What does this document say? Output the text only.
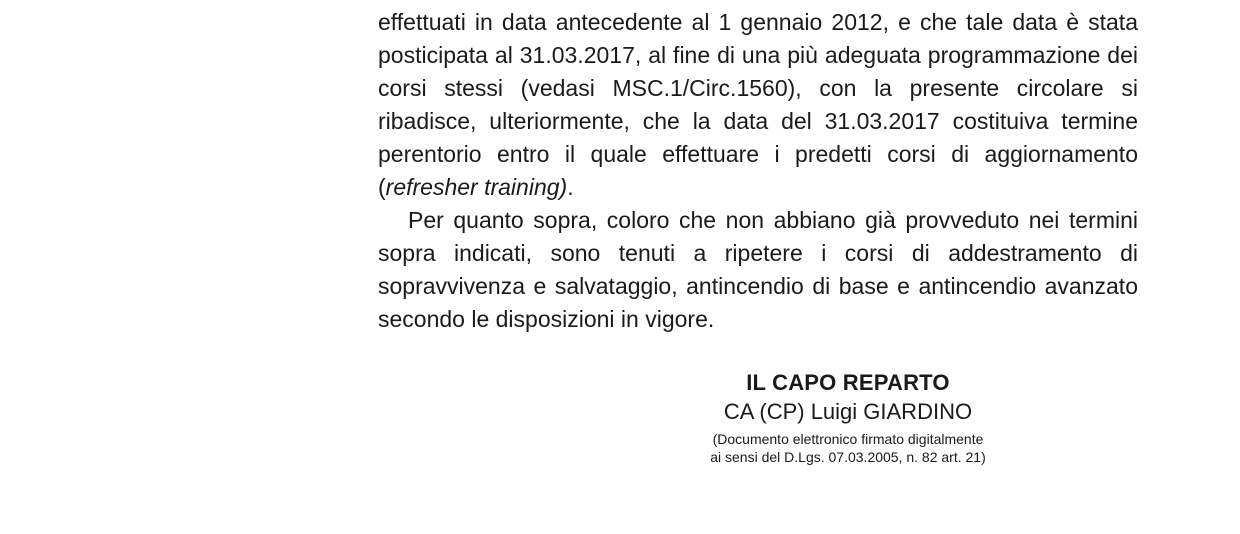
effettuati in data antecedente al 1 gennaio 2012, e che tale data è stata posticipata al 31.03.2017, al fine di una più adeguata programmazione dei corsi stessi (vedasi MSC.1/Circ.1560), con la presente circolare si ribadisce, ulteriormente, che la data del 31.03.2017 costituiva termine perentorio entro il quale effettuare i predetti corsi di aggiornamento (refresher training).

Per quanto sopra, coloro che non abbiano già provveduto nei termini sopra indicati, sono tenuti a ripetere i corsi di addestramento di sopravvivenza e salvataggio, antincendio di base e antincendio avanzato secondo le disposizioni in vigore.

IL CAPO REPARTO
CA (CP) Luigi GIARDINO
(Documento elettronico firmato digitalmente
ai sensi del D.Lgs. 07.03.2005, n. 82 art. 21)
